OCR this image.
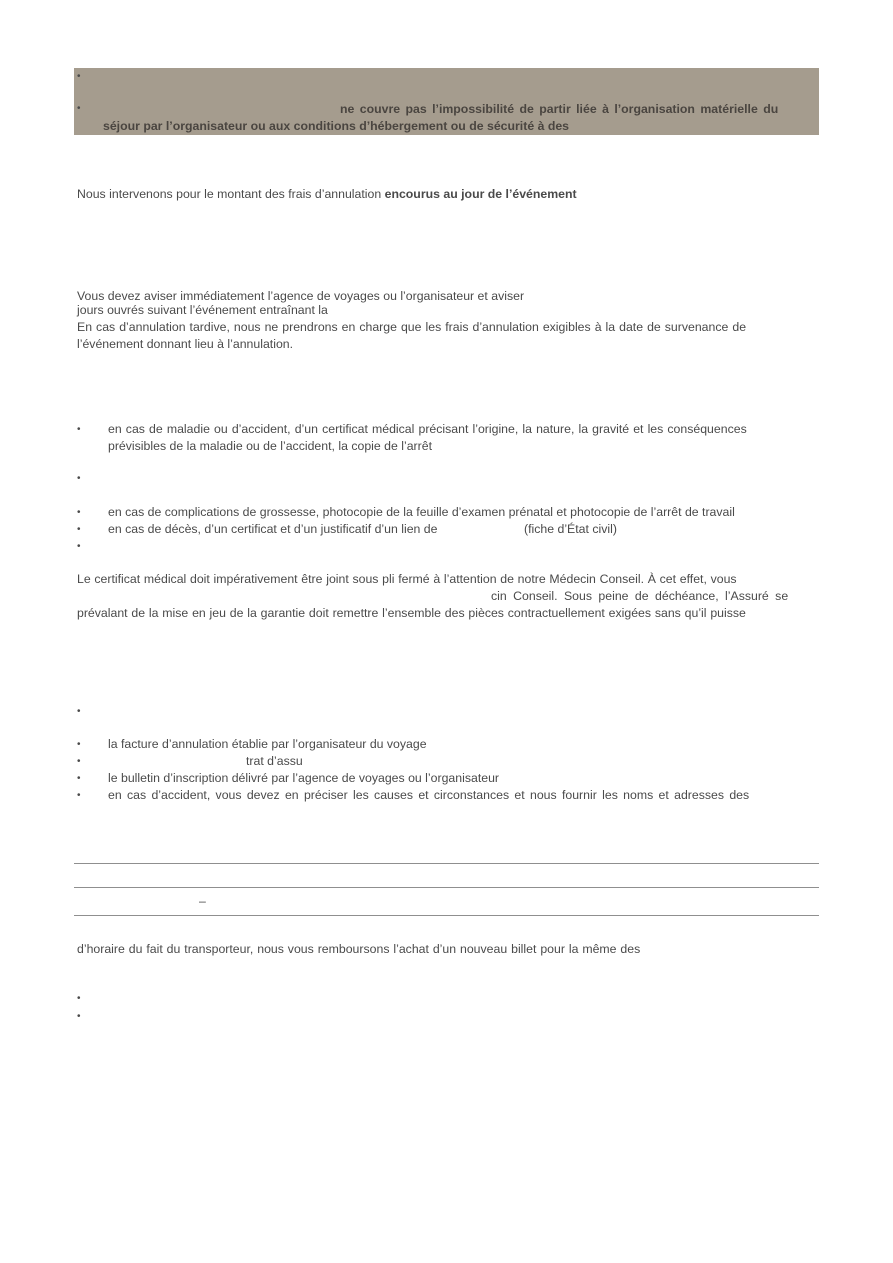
•
•	ne couvre pas l’impossibilité de partir liée à l’organisation matérielle du
séjour par l’organisateur ou aux conditions d’hébergement ou de sécurité à des
Nous intervenons pour le montant des frais d’annulation encourus au jour de l’événement
Vous devez aviser immédiatement l’agence de voyages ou l’organisateur et aviser
jours ouvrés suivant l’événement entraînant la
En cas d’annulation tardive, nous ne prendrons en charge que les frais d’annulation exigibles à la date de survenance de
l’événement donnant lieu à l’annulation.
• en cas de maladie ou d’accident, d’un certificat médical précisant l’origine, la nature, la gravité et les conséquences
prévisibles de la maladie ou de l’accident, la copie de l’arrêt
•
• en cas de complications de grossesse, photocopie de la feuille d’examen prénatal et photocopie de l’arrêt de travail
• en cas de décès, d’un certificat et d’un justificatif d’un lien de	(fiche d’État civil)
•
Le certificat médical doit impérativement être joint sous pli fermé à l’attention de notre Médecin Conseil. À cet effet, vous
cin Conseil. Sous peine de déchéance, l’Assuré se
prévalant de la mise en jeu de la garantie doit remettre l’ensemble des pièces contractuellement exigées sans qu’il puisse
•
• la facture d’annulation établie par l’organisateur du voyage
•	trat d’assu
• le bulletin d’inscription délivré par l’agence de voyages ou l’organisateur
• en cas d’accident, vous devez en préciser les causes et circonstances et nous fournir les noms et adresses des
–
d’horaire du fait du transporteur, nous vous remboursons l’achat d’un nouveau billet pour la même des
•
•
